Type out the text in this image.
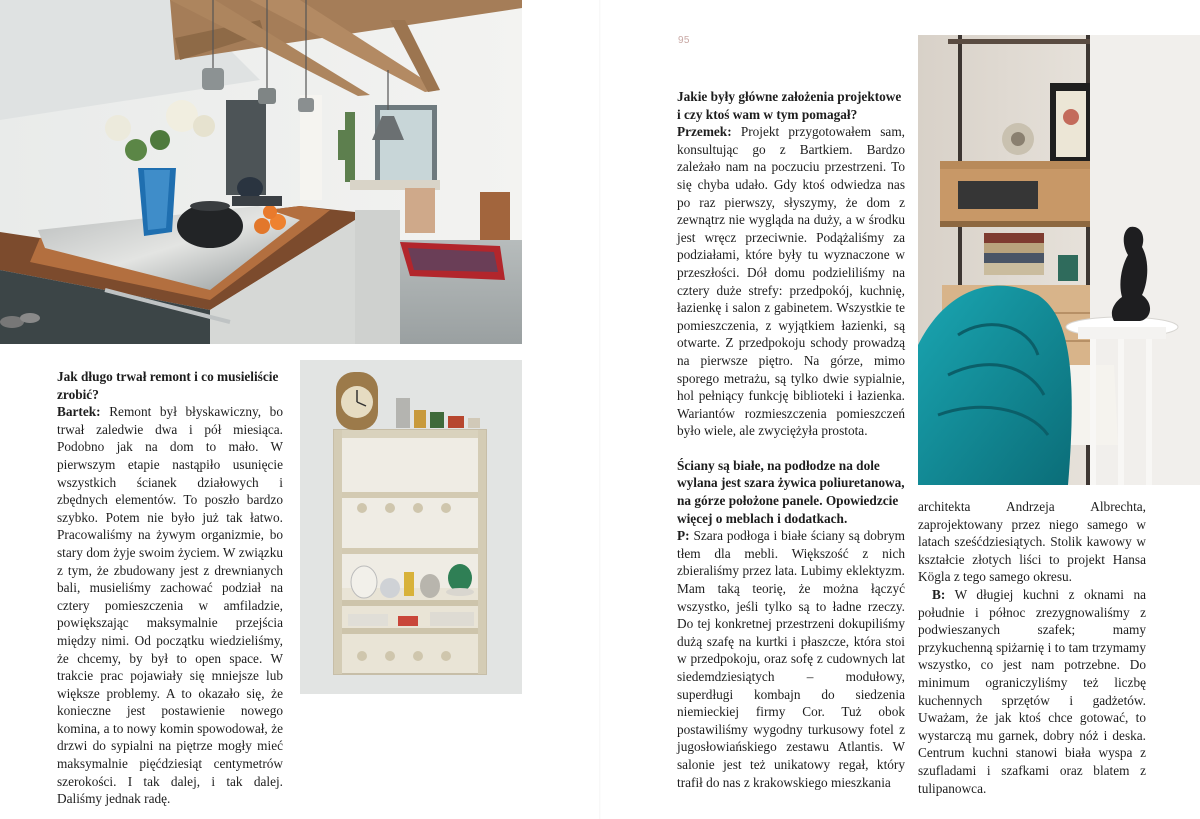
Jak długo trwał remont i co musieliście zrobić?

Bartek: Remont był błyskawiczny, bo trwał zaledwie dwa i pół miesiąca. Podobno jak na dom to mało. W pierwszym etapie nastąpiło usunięcie wszystkich ścianek działowych i zbędnych elementów. To poszło bardzo szybko. Potem nie było już tak łatwo. Pracowaliśmy na żywym organizmie, bo stary dom żyje swoim życiem. W związku z tym, że zbudowany jest z drewnianych bali, musieliśmy zachować podział na cztery pomieszczenia w amfiladzie, powiększając maksymalnie przejścia między nimi. Od początku wiedzieliśmy, że chcemy, by był to open space. W trakcie prac pojawiały się mniejsze lub większe problemy. A to okazało się, że konieczne jest postawienie nowego komina, a to nowy komin spowodował, że drzwi do sypialni na piętrze mogły mieć maksymalnie pięćdziesiąt centymetrów szerokości. I tak dalej, i tak dalej. Daliśmy jednak radę.

95

Jakie były główne założenia projektowe i czy ktoś wam w tym pomagał?

Przemek: Projekt przygotowałem sam, konsultując go z Bartkiem. Bardzo zależało nam na poczuciu przestrzeni. To się chyba udało. Gdy ktoś odwiedza nas po raz pierwszy, słyszymy, że dom z zewnątrz nie wygląda na duży, a w środku jest wręcz przeciwnie. Podążaliśmy za podziałami, które były tu wyznaczone w przeszłości. Dół domu podzieliliśmy na cztery duże strefy: przedpokój, kuchnię, łazienkę i salon z gabinetem. Wszystkie te pomieszczenia, z wyjątkiem łazienki, są otwarte. Z przedpokoju schody prowadzą na pierwsze piętro. Na górze, mimo sporego metrażu, są tylko dwie sypialnie, hol pełniący funkcję biblioteki i łazienka. Wariantów rozmieszczenia pomieszczeń było wiele, ale zwyciężyła prostota.

Ściany są białe, na podłodze na dole wylana jest szara żywica poliuretanowa, na górze położone panele. Opowiedzcie więcej o meblach i dodatkach.

P: Szara podłoga i białe ściany są dobrym tłem dla mebli. Większość z nich zbieraliśmy przez lata. Lubimy eklektyzm. Mam taką teorię, że można łączyć wszystko, jeśli tylko są to ładne rzeczy. Do tej konkretnej przestrzeni dokupiliśmy dużą szafę na kurtki i płaszcze, która stoi w przedpokoju, oraz sofę z cudownych lat siedemdziesiątych – modułowy, superdługi kombajn do siedzenia niemieckiej firmy Cor. Tuż obok postawiliśmy wygodny turkusowy fotel z jugosłowiańskiego zestawu Atlantis. W salonie jest też unikatowy regał, który trafił do nas z krakowskiego mieszkania

architekta Andrzeja Albrechta, zaprojektowany przez niego samego w latach sześćdziesiątych. Stolik kawowy w kształcie złotych liści to projekt Hansa Kögla z tego samego okresu.

B: W długiej kuchni z oknami na południe i północ zrezygnowaliśmy z podwieszanych szafek; mamy przykuchenną spiżarnię i to tam trzymamy wszystko, co jest nam potrzebne. Do minimum ograniczyliśmy też liczbę kuchennych sprzętów i gadżetów. Uważam, że jak ktoś chce gotować, to wystarczą mu garnek, dobry nóż i deska. Centrum kuchni stanowi biała wyspa z szufladami i szafkami oraz blatem z tulipanowca.
